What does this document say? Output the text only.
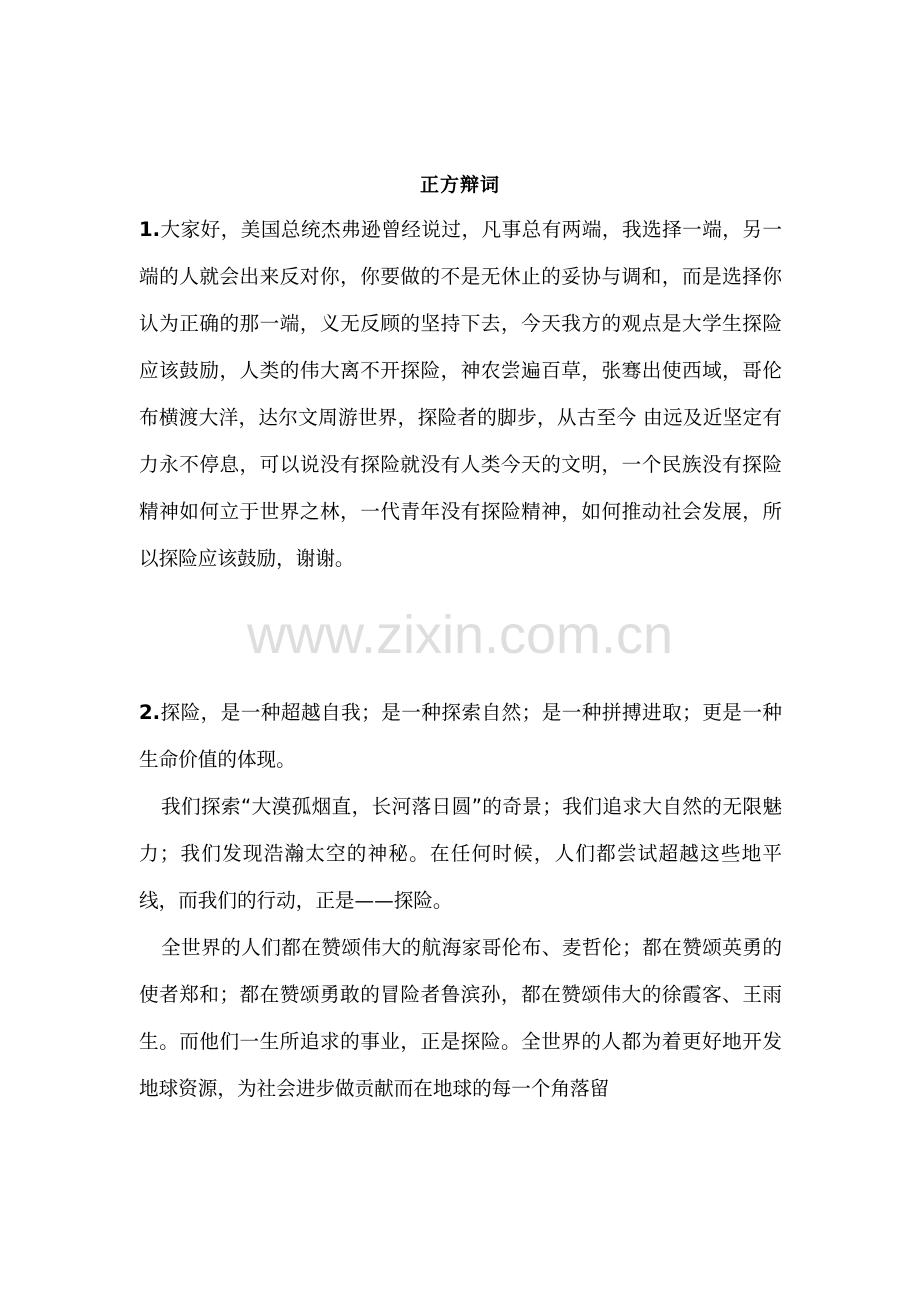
正方辩词

1.大家好，美国总统杰弗逊曾经说过，凡事总有两端，我选择一端，另一端的人就会出来反对你，你要做的不是无休止的妥协与调和，而是选择你认为正确的那一端，义无反顾的坚持下去，今天我方的观点是大学生探险应该鼓励，人类的伟大离不开探险，神农尝遍百草，张骞出使西域，哥伦布横渡大洋，达尔文周游世界，探险者的脚步，从古至今 由远及近坚定有力永不停息，可以说没有探险就没有人类今天的文明，一个民族没有探险精神如何立于世界之林，一代青年没有探险精神，如何推动社会发展，所以探险应该鼓励，谢谢。

www.zixin.com.cn

2.探险，是一种超越自我；是一种探索自然；是一种拼搏进取；更是一种生命价值的体现。

我们探索“大漠孤烟直，长河落日圆”的奇景；我们追求大自然的无限魅力；我们发现浩瀚太空的神秘。在任何时候，人们都尝试超越这些地平线，而我们的行动，正是——探险。

全世界的人们都在赞颂伟大的航海家哥伦布、麦哲伦；都在赞颂英勇的使者郑和；都在赞颂勇敢的冒险者鲁滨孙，都在赞颂伟大的徐霞客、王雨生。而他们一生所追求的事业，正是探险。全世界的人都为着更好地开发地球资源，为社会进步做贡献而在地球的每一个角落留
